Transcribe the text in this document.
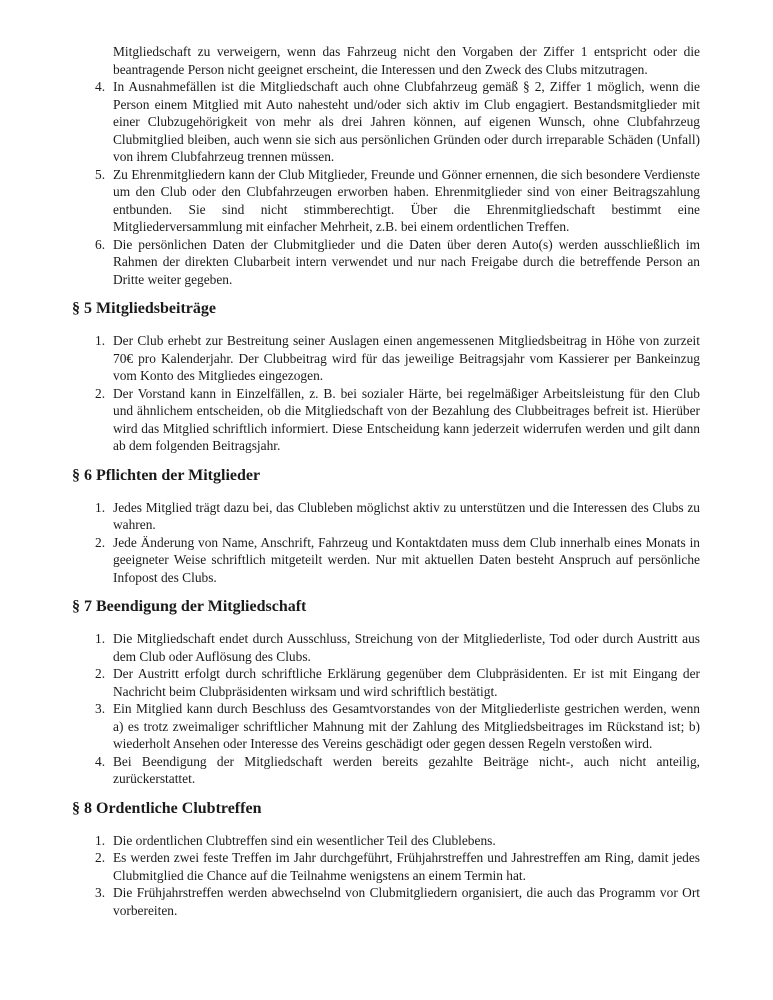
Mitgliedschaft zu verweigern, wenn das Fahrzeug nicht den Vorgaben der Ziffer 1 entspricht oder die beantragende Person nicht geeignet erscheint, die Interessen und den Zweck des Clubs mitzutragen.

4. In Ausnahmefällen ist die Mitgliedschaft auch ohne Clubfahrzeug gemäß § 2, Ziffer 1 möglich, wenn die Person einem Mitglied mit Auto nahesteht und/oder sich aktiv im Club engagiert. Bestandsmitglieder mit einer Clubzugehörigkeit von mehr als drei Jahren können, auf eigenen Wunsch, ohne Clubfahrzeug Clubmitglied bleiben, auch wenn sie sich aus persönlichen Gründen oder durch irreparable Schäden (Unfall) von ihrem Clubfahrzeug trennen müssen.
5. Zu Ehrenmitgliedern kann der Club Mitglieder, Freunde und Gönner ernennen, die sich besondere Verdienste um den Club oder den Clubfahrzeugen erworben haben. Ehrenmitglieder sind von einer Beitragszahlung entbunden. Sie sind nicht stimmberechtigt. Über die Ehrenmitgliedschaft bestimmt eine Mitgliederversammlung mit einfacher Mehrheit, z.B. bei einem ordentlichen Treffen.
6. Die persönlichen Daten der Clubmitglieder und die Daten über deren Auto(s) werden ausschließlich im Rahmen der direkten Clubarbeit intern verwendet und nur nach Freigabe durch die betreffende Person an Dritte weiter gegeben.
§ 5 Mitgliedsbeiträge
1. Der Club erhebt zur Bestreitung seiner Auslagen einen angemessenen Mitgliedsbeitrag in Höhe von zurzeit 70€ pro Kalenderjahr. Der Clubbeitrag wird für das jeweilige Beitragsjahr vom Kassierer per Bankeinzug vom Konto des Mitgliedes eingezogen.
2. Der Vorstand kann in Einzelfällen, z. B. bei sozialer Härte, bei regelmäßiger Arbeitsleistung für den Club und ähnlichem entscheiden, ob die Mitgliedschaft von der Bezahlung des Clubbeitrages befreit ist. Hierüber wird das Mitglied schriftlich informiert. Diese Entscheidung kann jederzeit widerrufen werden und gilt dann ab dem folgenden Beitragsjahr.
§ 6 Pflichten der Mitglieder
1. Jedes Mitglied trägt dazu bei, das Clubleben möglichst aktiv zu unterstützen und die Interessen des Clubs zu wahren.
2. Jede Änderung von Name, Anschrift, Fahrzeug und Kontaktdaten muss dem Club innerhalb eines Monats in geeigneter Weise schriftlich mitgeteilt werden. Nur mit aktuellen Daten besteht Anspruch auf persönliche Infopost des Clubs.
§ 7 Beendigung der Mitgliedschaft
1. Die Mitgliedschaft endet durch Ausschluss, Streichung von der Mitgliederliste, Tod oder durch Austritt aus dem Club oder Auflösung des Clubs.
2. Der Austritt erfolgt durch schriftliche Erklärung gegenüber dem Clubpräsidenten. Er ist mit Eingang der Nachricht beim Clubpräsidenten wirksam und wird schriftlich bestätigt.
3. Ein Mitglied kann durch Beschluss des Gesamtvorstandes von der Mitgliederliste gestrichen werden, wenn a) es trotz zweimaliger schriftlicher Mahnung mit der Zahlung des Mitgliedsbeitrages im Rückstand ist; b) wiederholt Ansehen oder Interesse des Vereins geschädigt oder gegen dessen Regeln verstoßen wird.
4. Bei Beendigung der Mitgliedschaft werden bereits gezahlte Beiträge nicht-, auch nicht anteilig, zurückerstattet.
§ 8 Ordentliche Clubtreffen
1. Die ordentlichen Clubtreffen sind ein wesentlicher Teil des Clublebens.
2. Es werden zwei feste Treffen im Jahr durchgeführt, Frühjahrstreffen und Jahrestreffen am Ring, damit jedes Clubmitglied die Chance auf die Teilnahme wenigstens an einem Termin hat.
3. Die Frühjahrstreffen werden abwechselnd von Clubmitgliedern organisiert, die auch das Programm vor Ort vorbereiten.
